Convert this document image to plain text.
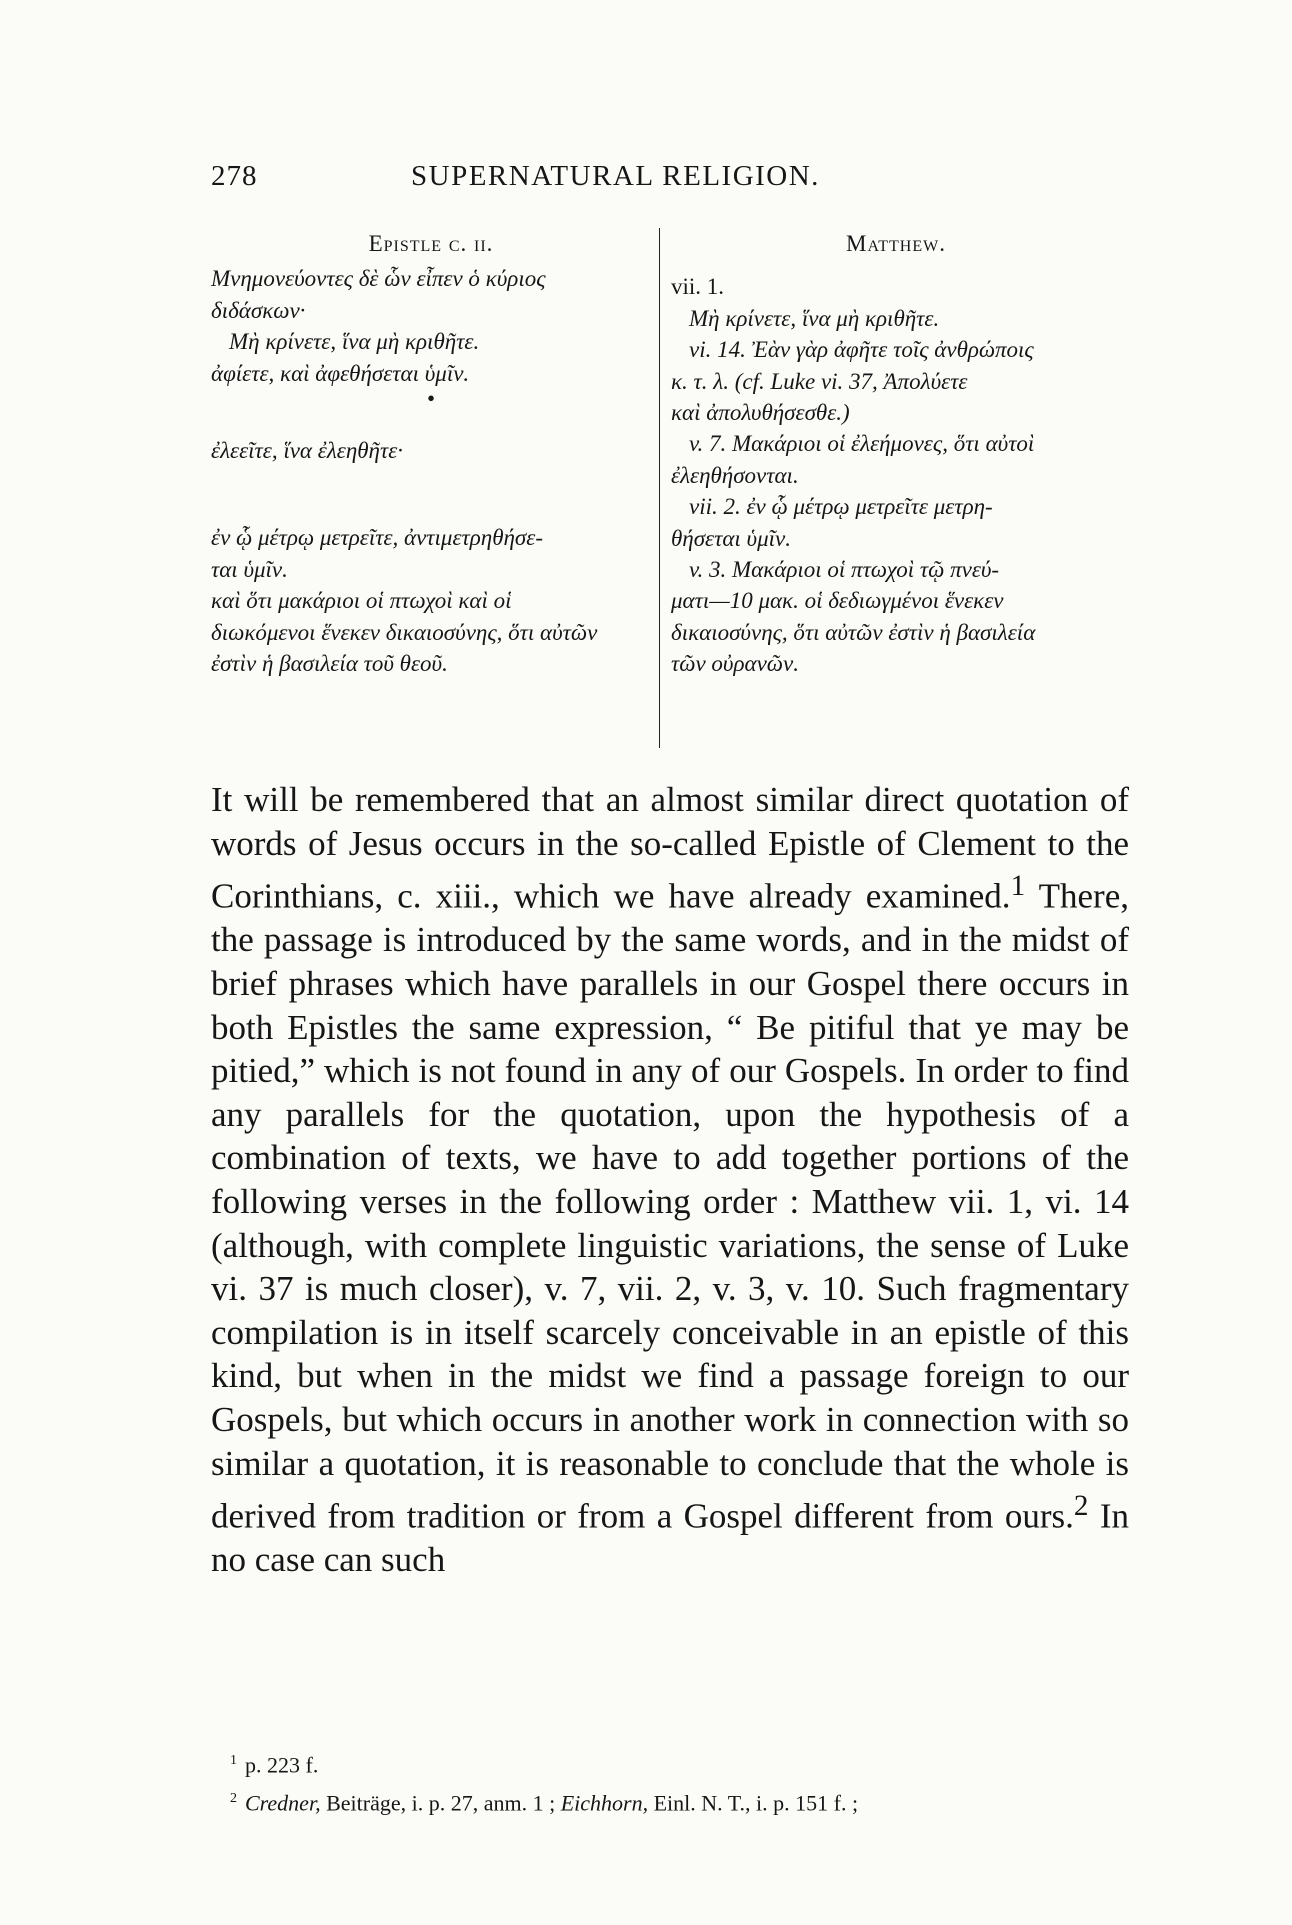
278	SUPERNATURAL RELIGION.
Epistle c. ii.
Μνημονεύοντες δὲ ὧν εἶπεν ὁ κύριος
διδάσκων·
Μὴ κρίνετε, ἵνα μὴ κριθῆτε.
ἀφίετε, καὶ ἀφεθήσεται ὑμῖν.
•
ἐλεεῖτε, ἵνα ἐλεηθῆτε·
ἐν ᾧ μέτρῳ μετρεῖτε, ἀντιμετρηθήσε-
ται ὑμῖν.
καὶ ὅτι μακάριοι οἱ πτωχοὶ καὶ οἱ
διωκόμενοι ἕνεκεν δικαιοσύνης, ὅτι αὐτῶν
ἐστὶν ἡ βασιλεία τοῦ θεοῦ.
Matthew.
vii. 1.
Μὴ κρίνετε, ἵνα μὴ κριθῆτε.
vi. 14. Ἐὰν γὰρ ἀφῆτε τοῖς ἀνθρώποις
κ. τ. λ. (cf. Luke vi. 37, Ἀπολύετε
καὶ ἀπολυθήσεσθε.)
v. 7. Μακάριοι οἱ ἐλεήμονες, ὅτι αὐτοὶ
ἐλεηθήσονται.
vii. 2. ἐν ᾧ μέτρῳ μετρεῖτε μετρη-
θήσεται ὑμῖν.
v. 3. Μακάριοι οἱ πτωχοὶ τῷ πνεύ-
ματι—10 μακ. οἱ δεδιωγμένοι ἕνεκεν
δικαιοσύνης, ὅτι αὐτῶν ἐστὶν ἡ βασιλεία
τῶν οὐρανῶν.

It will be remembered that an almost similar direct quotation of words of Jesus occurs in the so-called Epistle of Clement to the Corinthians, c. xiii., which we have already examined.$^1$ There, the passage is introduced by the same words, and in the midst of brief phrases which have parallels in our Gospel there occurs in both Epistles the same expression, “ Be pitiful that ye may be pitied,” which is not found in any of our Gospels. In order to find any parallels for the quotation, upon the hypothesis of a combination of texts, we have to add together portions of the following verses in the following order : Matthew vii. 1, vi. 14 (although, with complete linguistic variations, the sense of Luke vi. 37 is much closer), v. 7, vii. 2, v. 3, v. 10. Such fragmentary compilation is in itself scarcely conceivable in an epistle of this kind, but when in the midst we find a passage foreign to our Gospels, but which occurs in another work in connection with so similar a quotation, it is reasonable to conclude that the whole is derived from tradition or from a Gospel different from ours.$^2$ In no case can such

$^1$ p. 223 f.
$^2$ Credner, Beiträge, i. p. 27, anm. 1 ; Eichhorn, Einl. N. T., i. p. 151 f. ;
